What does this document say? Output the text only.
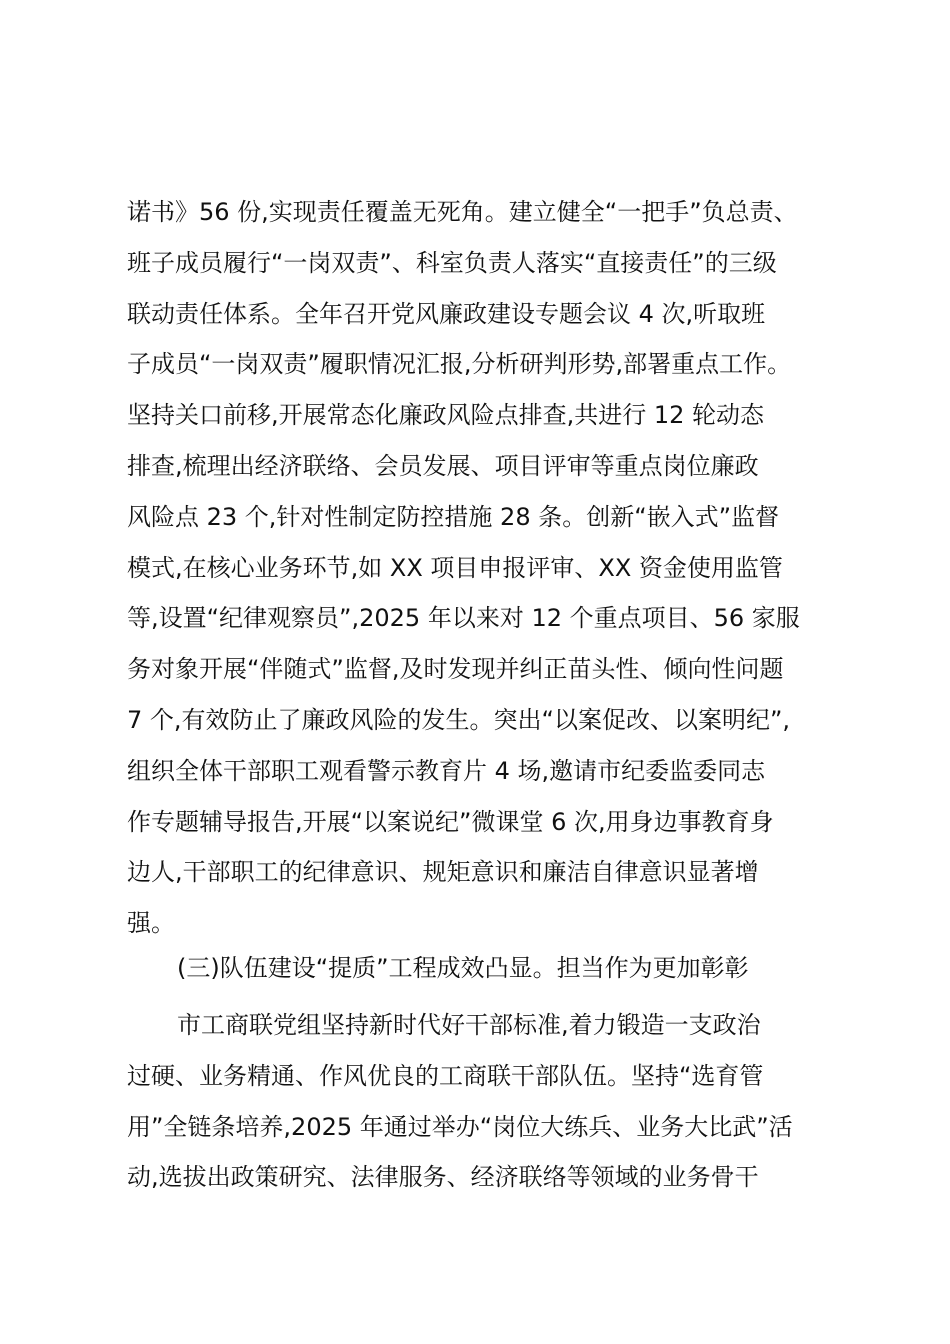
诺书》56 份,实现责任覆盖无死角。建立健全“一把手”负总责、
班子成员履行“一岗双责”、科室负责人落实“直接责任”的三级
联动责任体系。全年召开党风廉政建设专题会议 4 次,听取班
子成员“一岗双责”履职情况汇报,分析研判形势,部署重点工作。
坚持关口前移,开展常态化廉政风险点排查,共进行 12 轮动态
排查,梳理出经济联络、会员发展、项目评审等重点岗位廉政
风险点 23 个,针对性制定防控措施 28 条。创新“嵌入式”监督
模式,在核心业务环节,如 XX 项目申报评审、XX 资金使用监管
等,设置“纪律观察员”,2025 年以来对 12 个重点项目、56 家服
务对象开展“伴随式”监督,及时发现并纠正苗头性、倾向性问题
7 个,有效防止了廉政风险的发生。突出“以案促改、以案明纪”,
组织全体干部职工观看警示教育片 4 场,邀请市纪委监委同志
作专题辅导报告,开展“以案说纪”微课堂 6 次,用身边事教育身
边人,干部职工的纪律意识、规矩意识和廉洁自律意识显著增
强。
(三)队伍建设“提质”工程成效凸显。担当作为更加彰彰
市工商联党组坚持新时代好干部标准,着力锻造一支政治
过硬、业务精通、作风优良的工商联干部队伍。坚持“选育管
用”全链条培养,2025 年通过举办“岗位大练兵、业务大比武”活
动,选拔出政策研究、法律服务、经济联络等领域的业务骨干
